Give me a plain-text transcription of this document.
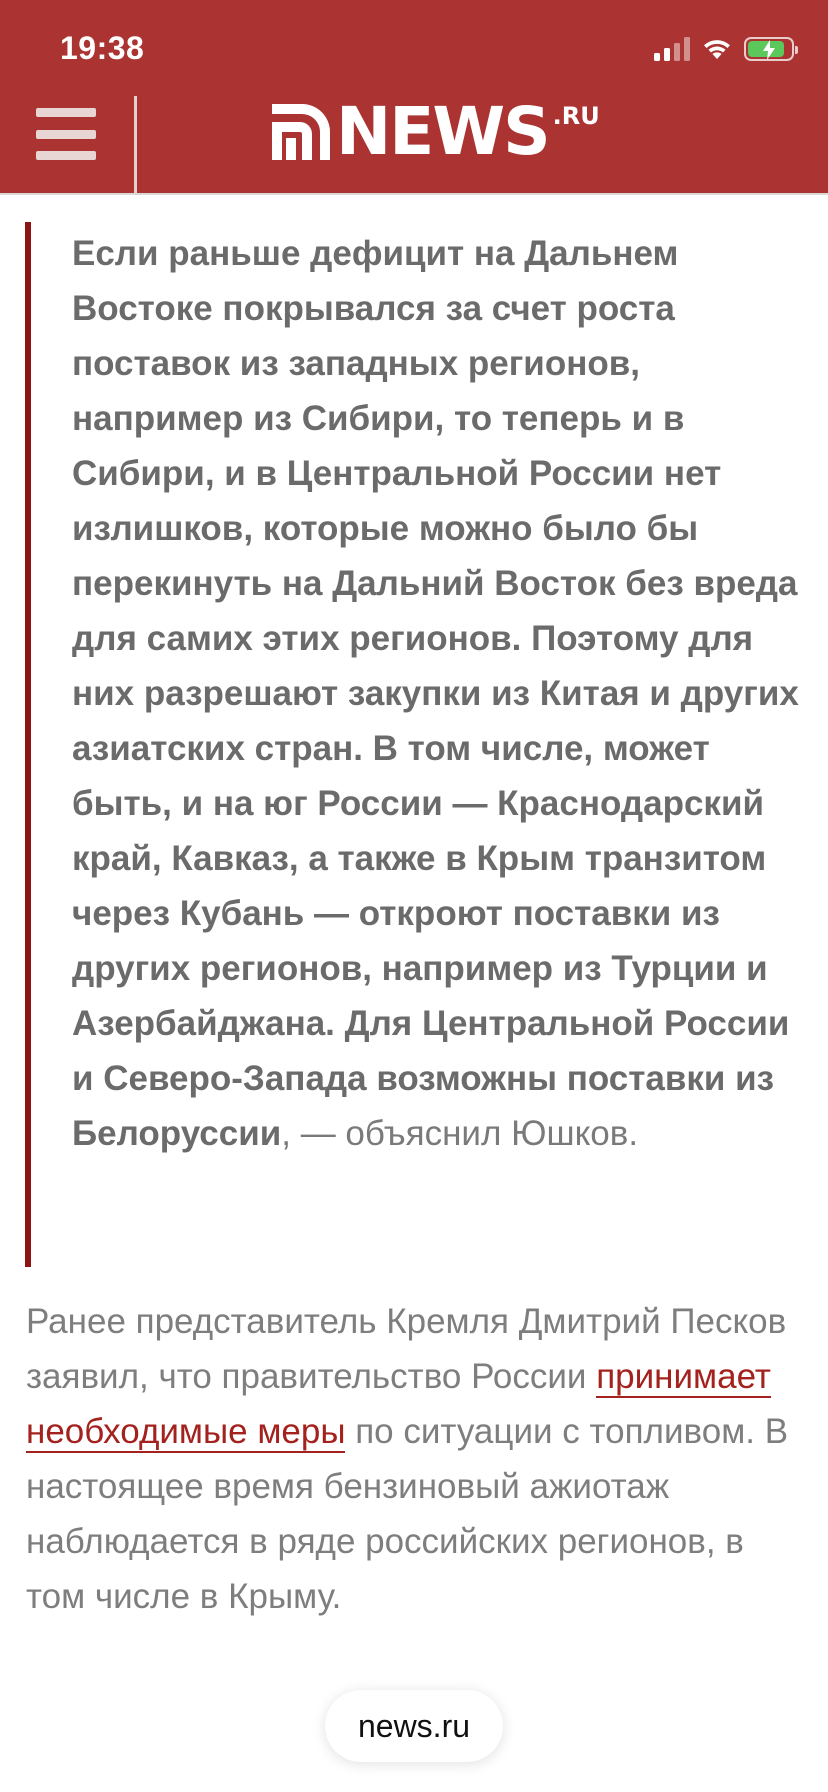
19:38
NEWS .RU

Если раньше дефицит на Дальнем Востоке покрывался за счет роста поставок из западных регионов, например из Сибири, то теперь и в Сибири, и в Центральной России нет излишков, которые можно было бы перекинуть на Дальний Восток без вреда для самих этих регионов. Поэтому для них разрешают закупки из Китая и других азиатских стран. В том числе, может быть, и на юг России — Краснодарский край, Кавказ, а также в Крым транзитом через Кубань — откроют поставки из других регионов, например из Турции и Азербайджана. Для Центральной России и Северо-Запада возможны поставки из Белоруссии, — объяснил Юшков.

Ранее представитель Кремля Дмитрий Песков заявил, что правительство России принимает необходимые меры по ситуации с топливом. В настоящее время бензиновый ажиотаж наблюдается в ряде российских регионов, в том числе в Крыму.
news.ru
